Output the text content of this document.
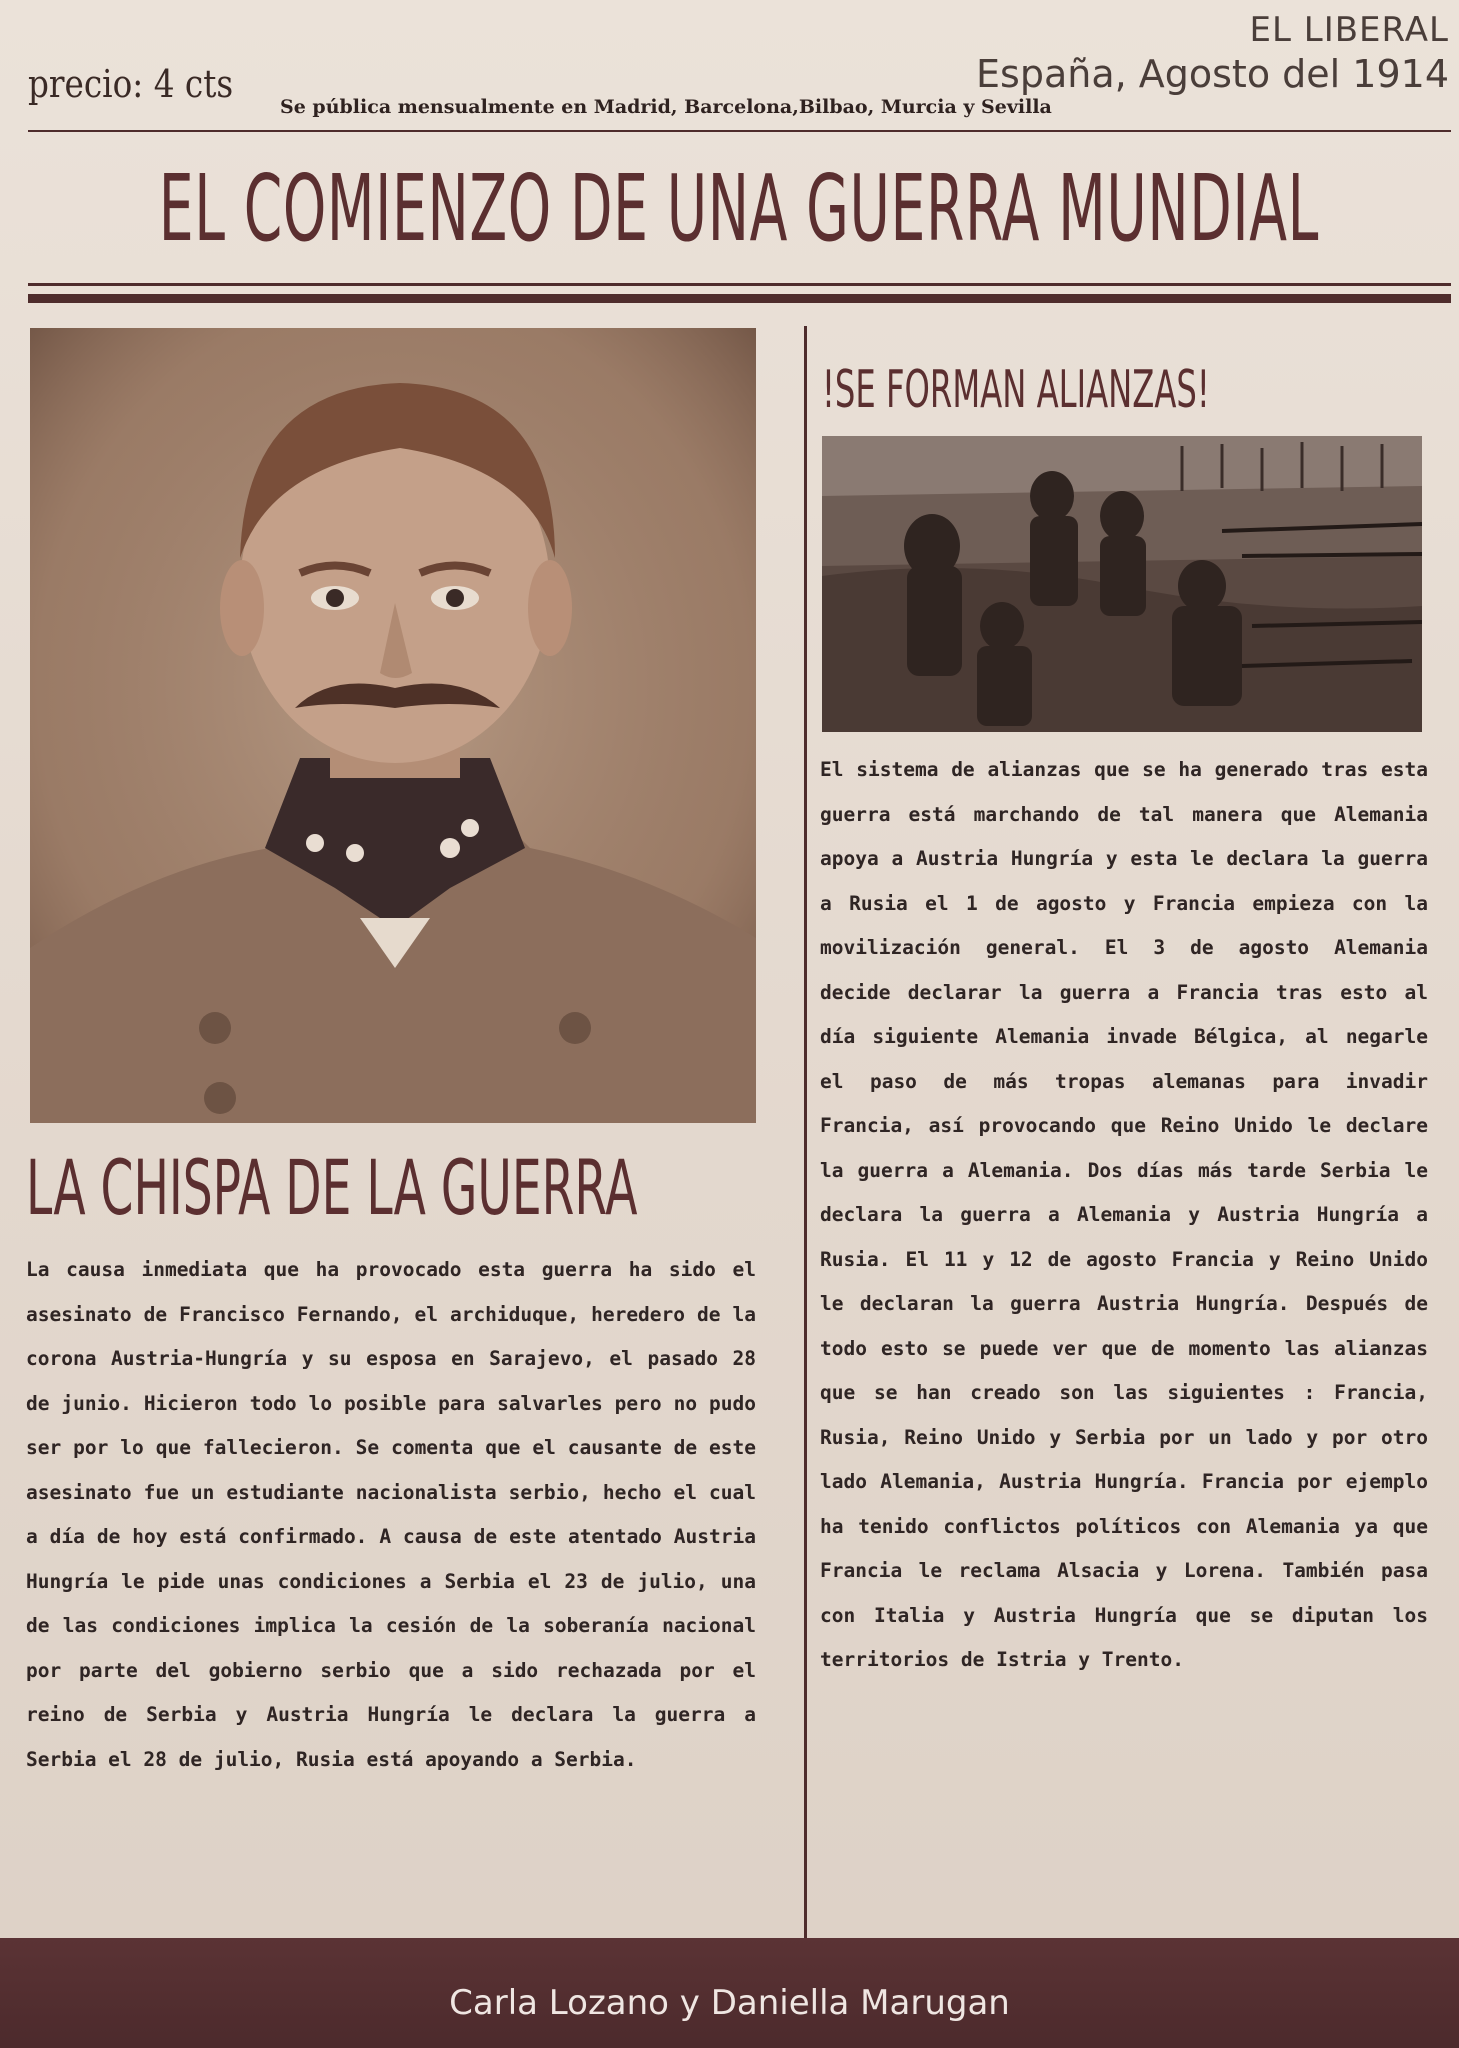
EL LIBERAL
España, Agosto del 1914
precio: 4 cts
Se pública mensualmente en Madrid, Barcelona,Bilbao, Murcia y Sevilla
EL COMIENZO DE UNA GUERRA MUNDIAL
LA CHISPA DE LA GUERRA
La causa inmediata que ha provocado esta guerra ha sido el asesinato de Francisco Fernando, el archiduque, heredero de la corona Austria-Hungría y su esposa en Sarajevo, el pasado 28 de junio. Hicieron todo lo posible para salvarles pero no pudo ser por lo que fallecieron. Se comenta que el causante de este asesinato fue un estudiante nacionalista serbio, hecho el cual a día de hoy está confirmado. A causa de este atentado Austria Hungría le pide unas condiciones a Serbia el 23 de julio, una de las condiciones implica la cesión de la soberanía nacional por parte del gobierno serbio que a sido rechazada por el reino de Serbia y Austria Hungría le declara la guerra a Serbia el 28 de julio, Rusia está apoyando a Serbia.
!SE FORMAN ALIANZAS!
El sistema de alianzas que se ha generado tras esta guerra está marchando de tal manera que Alemania apoya a Austria Hungría y esta le declara la guerra a Rusia el 1 de agosto y Francia empieza con la movilización general. El 3 de agosto Alemania decide declarar la guerra a Francia tras esto al día siguiente Alemania invade Bélgica, al negarle el paso de más tropas alemanas para invadir Francia, así provocando que Reino Unido le declare la guerra a Alemania. Dos días más tarde Serbia le declara la guerra a Alemania y Austria Hungría a Rusia. El 11 y 12 de agosto Francia y Reino Unido le declaran la guerra Austria Hungría. Después de todo esto se puede ver que de momento las alianzas que se han creado son las siguientes : Francia, Rusia, Reino Unido y Serbia por un lado y por otro lado Alemania, Austria Hungría. Francia por ejemplo ha tenido conflictos políticos con Alemania ya que Francia le reclama Alsacia y Lorena. También pasa con Italia y Austria Hungría que se diputan los territorios de Istria y Trento.
Carla Lozano y Daniella Marugan
